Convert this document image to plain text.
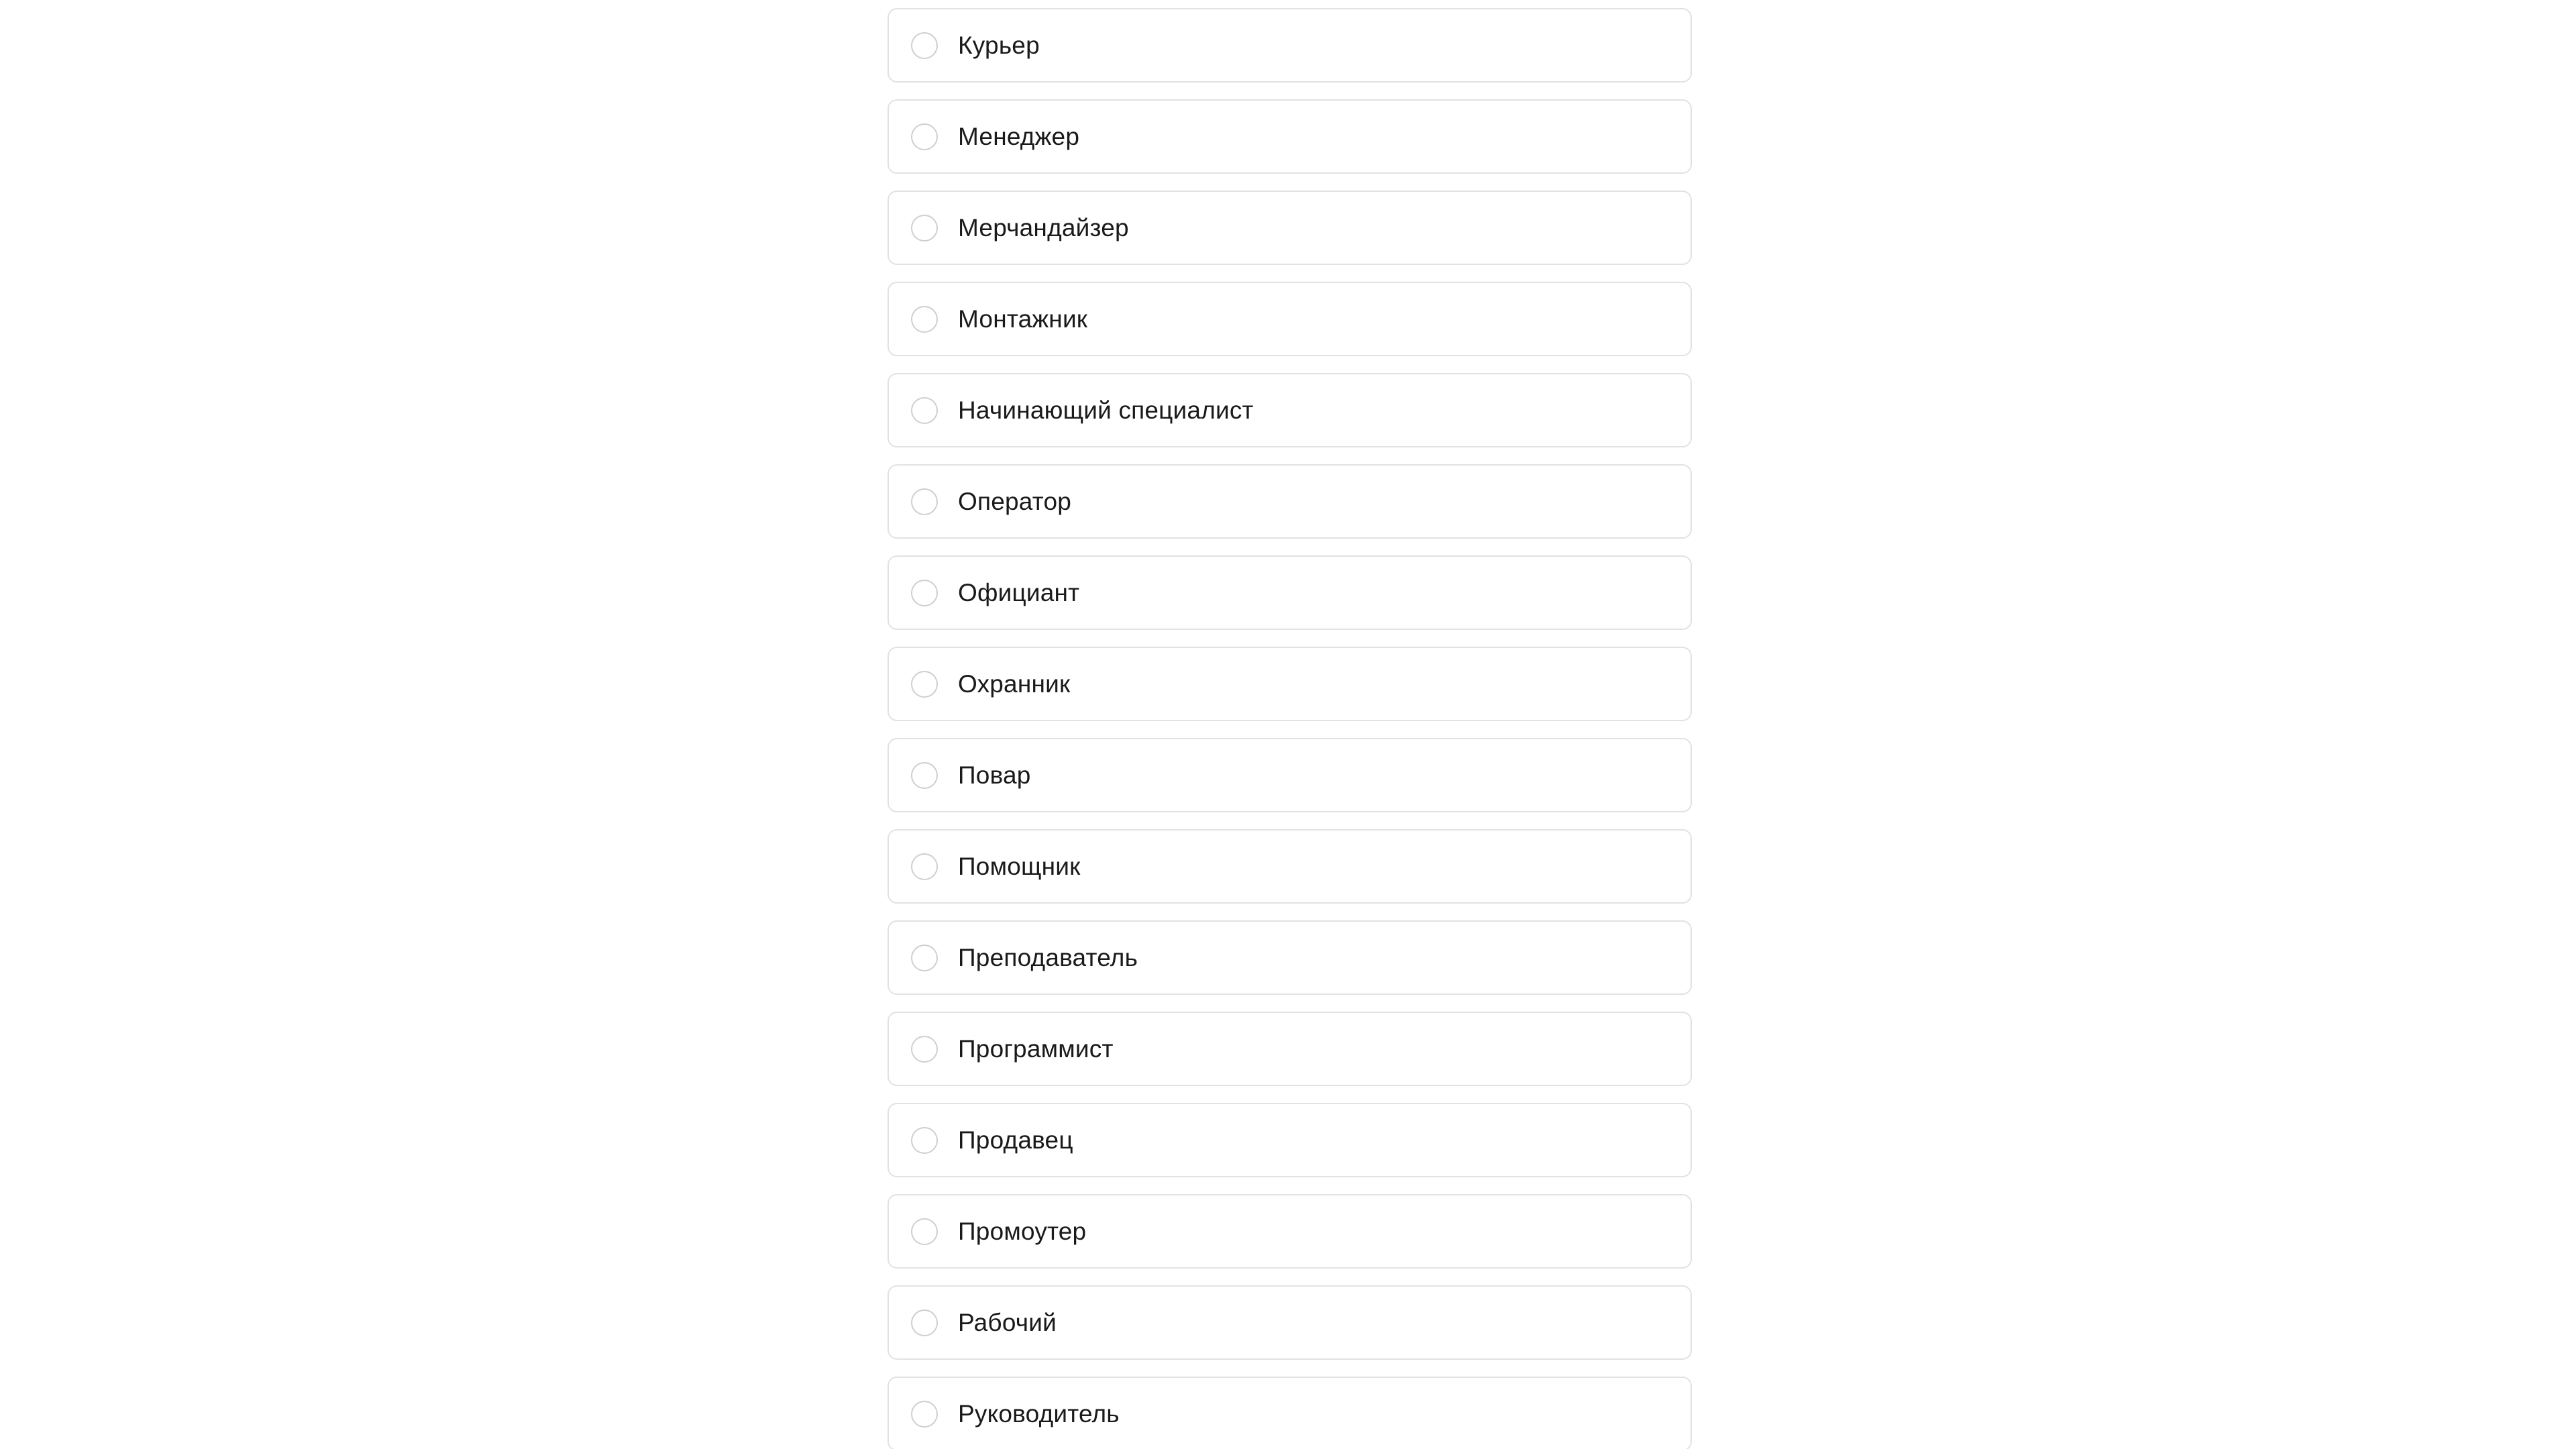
Курьер
Менеджер
Мерчандайзер
Монтажник
Начинающий специалист
Оператор
Официант
Охранник
Повар
Помощник
Преподаватель
Программист
Продавец
Промоутер
Рабочий
Руководитель
